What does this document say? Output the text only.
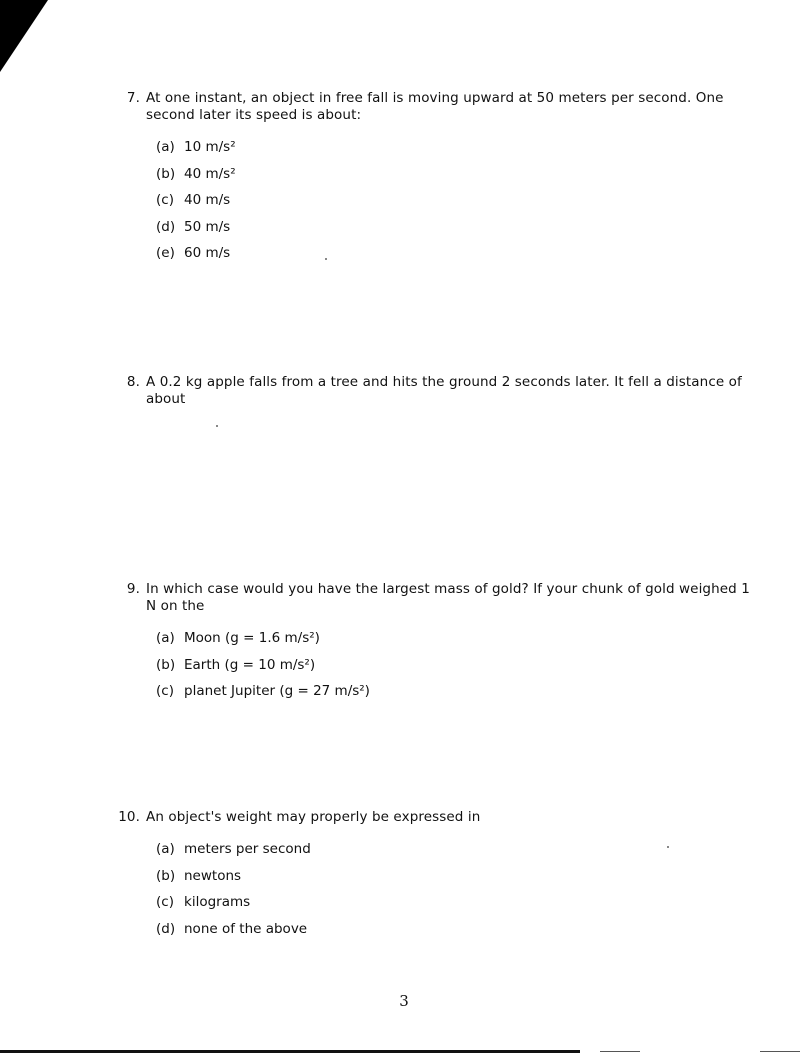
7. At one instant, an object in free fall is moving upward at 50 meters per second. One second later its speed is about:
(a) 10 m/s²
(b) 40 m/s²
(c) 40 m/s
(d) 50 m/s
(e) 60 m/s
8. A 0.2 kg apple falls from a tree and hits the ground 2 seconds later. It fell a distance of about
9. In which case would you have the largest mass of gold? If your chunk of gold weighed 1 N on the
(a) Moon (g = 1.6 m/s²)
(b) Earth (g = 10 m/s²)
(c) planet Jupiter (g = 27 m/s²)
10. An object's weight may properly be expressed in
(a) meters per second
(b) newtons
(c) kilograms
(d) none of the above
3
